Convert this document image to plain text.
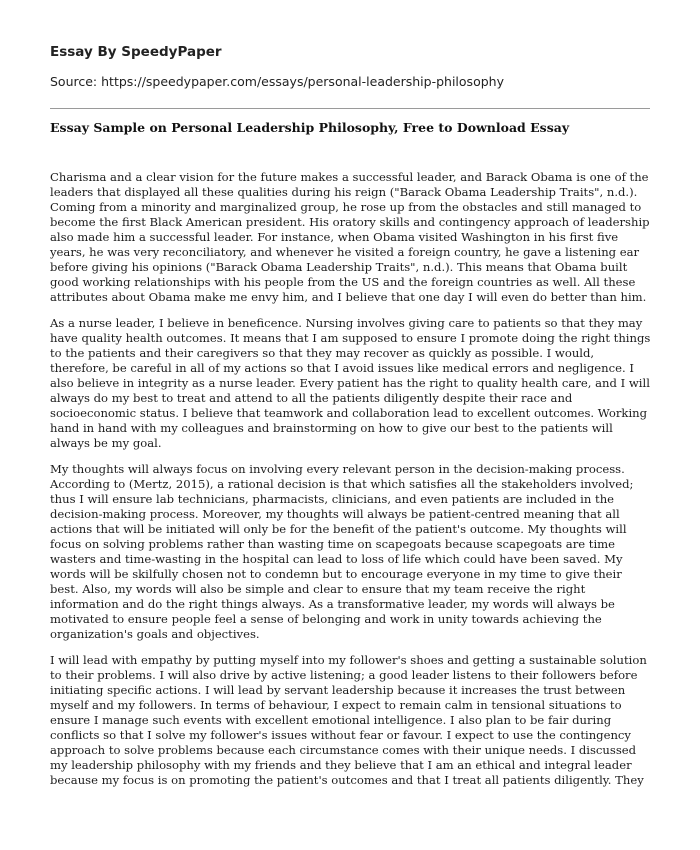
Essay By SpeedyPaper
Source: https://speedypaper.com/essays/personal-leadership-philosophy
Essay Sample on Personal Leadership Philosophy, Free to Download Essay

Charisma and a clear vision for the future makes a successful leader, and Barack Obama is one of the leaders that displayed all these qualities during his reign ("Barack Obama Leadership Traits", n.d.). Coming from a minority and marginalized group, he rose up from the obstacles and still managed to become the first Black American president. His oratory skills and contingency approach of leadership also made him a successful leader. For instance, when Obama visited Washington in his first five years, he was very reconciliatory, and whenever he visited a foreign country, he gave a listening ear before giving his opinions ("Barack Obama Leadership Traits", n.d.). This means that Obama built good working relationships with his people from the US and the foreign countries as well. All these attributes about Obama make me envy him, and I believe that one day I will even do better than him.

As a nurse leader, I believe in beneficence. Nursing involves giving care to patients so that they may have quality health outcomes. It means that I am supposed to ensure I promote doing the right things to the patients and their caregivers so that they may recover as quickly as possible. I would, therefore, be careful in all of my actions so that I avoid issues like medical errors and negligence. I also believe in integrity as a nurse leader. Every patient has the right to quality health care, and I will always do my best to treat and attend to all the patients diligently despite their race and socioeconomic status. I believe that teamwork and collaboration lead to excellent outcomes. Working hand in hand with my colleagues and brainstorming on how to give our best to the patients will always be my goal.

My thoughts will always focus on involving every relevant person in the decision-making process. According to (Mertz, 2015), a rational decision is that which satisfies all the stakeholders involved; thus I will ensure lab technicians, pharmacists, clinicians, and even patients are included in the decision-making process. Moreover, my thoughts will always be patient-centred meaning that all actions that will be initiated will only be for the benefit of the patient's outcome. My thoughts will focus on solving problems rather than wasting time on scapegoats because scapegoats are time wasters and time-wasting in the hospital can lead to loss of life which could have been saved. My words will be skilfully chosen not to condemn but to encourage everyone in my time to give their best. Also, my words will also be simple and clear to ensure that my team receive the right information and do the right things always. As a transformative leader, my words will always be motivated to ensure people feel a sense of belonging and work in unity towards achieving the organization's goals and objectives.

I will lead with empathy by putting myself into my follower's shoes and getting a sustainable solution to their problems. I will also drive by active listening; a good leader listens to their followers before initiating specific actions. I will lead by servant leadership because it increases the trust between myself and my followers. In terms of behaviour, I expect to remain calm in tensional situations to ensure I manage such events with excellent emotional intelligence. I also plan to be fair during conflicts so that I solve my follower's issues without fear or favour. I expect to use the contingency approach to solve problems because each circumstance comes with their unique needs. I discussed my leadership philosophy with my friends and they believe that I am an ethical and integral leader because my focus is on promoting the patient's outcomes and that I treat all patients diligently. They
